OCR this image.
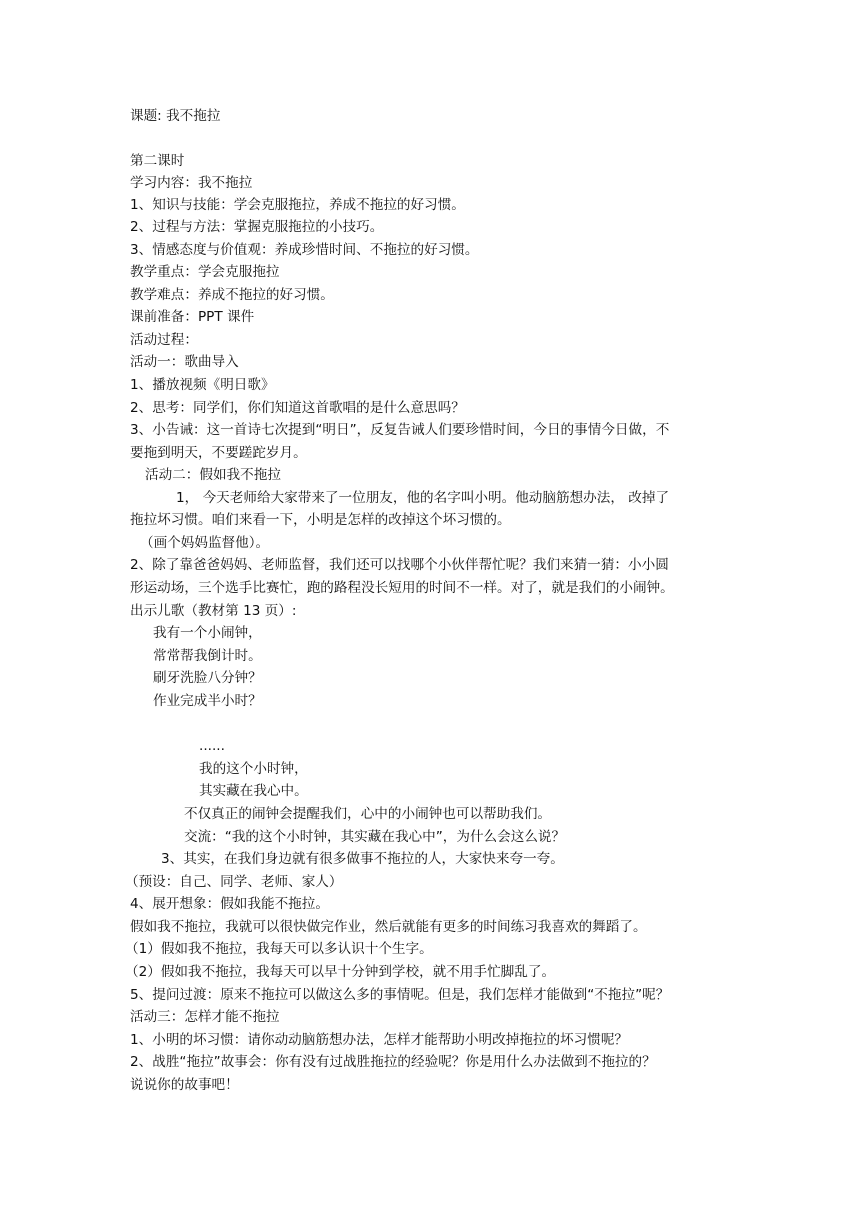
课题: 我不拖拉
第二课时
学习内容：我不拖拉
1、知识与技能：学会克服拖拉，养成不拖拉的好习惯。
2、过程与方法：掌握克服拖拉的小技巧。
3、情感态度与价值观：养成珍惜时间、不拖拉的好习惯。
教学重点：学会克服拖拉
教学难点：养成不拖拉的好习惯。
课前准备：PPT 课件
活动过程：
活动一：歌曲导入
1、播放视频《明日歌》
2、思考：同学们，你们知道这首歌唱的是什么意思吗？
3、小告诫：这一首诗七次提到“明日”，反复告诫人们要珍惜时间，今日的事情今日做，不
要拖到明天，不要蹉跎岁月。
活动二：假如我不拖拉
1， 今天老师给大家带来了一位朋友，他的名字叫小明。他动脑筋想办法， 改掉了
拖拉坏习惯。咱们来看一下，小明是怎样的改掉这个坏习惯的。
（画个妈妈监督他）。
2、除了靠爸爸妈妈、老师监督，我们还可以找哪个小伙伴帮忙呢？我们来猜一猜：小小圆
形运动场，三个选手比赛忙，跑的路程没长短用的时间不一样。对了，就是我们的小闹钟。
出示儿歌（教材第 13 页）:
我有一个小闹钟，
常常帮我倒计时。
刷牙洗脸八分钟？
作业完成半小时？
......
我的这个小时钟，
其实藏在我心中。
不仅真正的闹钟会提醒我们，心中的小闹钟也可以帮助我们。
交流：“我的这个小时钟，其实藏在我心中”，为什么会这么说？
3、其实，在我们身边就有很多做事不拖拉的人，大家快来夸一夸。
（预设：自己、同学、老师、家人）
4、展开想象：假如我能不拖拉。
假如我不拖拉，我就可以很快做完作业，然后就能有更多的时间练习我喜欢的舞蹈了。
（1）假如我不拖拉，我每天可以多认识十个生字。
（2）假如我不拖拉，我每天可以早十分钟到学校，就不用手忙脚乱了。
5、提问过渡：原来不拖拉可以做这么多的事情呢。但是，我们怎样才能做到“不拖拉”呢？
活动三：怎样才能不拖拉
1、小明的坏习惯：请你动动脑筋想办法，怎样才能帮助小明改掉拖拉的坏习惯呢？
2、战胜“拖拉”故事会：你有没有过战胜拖拉的经验呢？你是用什么办法做到不拖拉的？
说说你的故事吧！
